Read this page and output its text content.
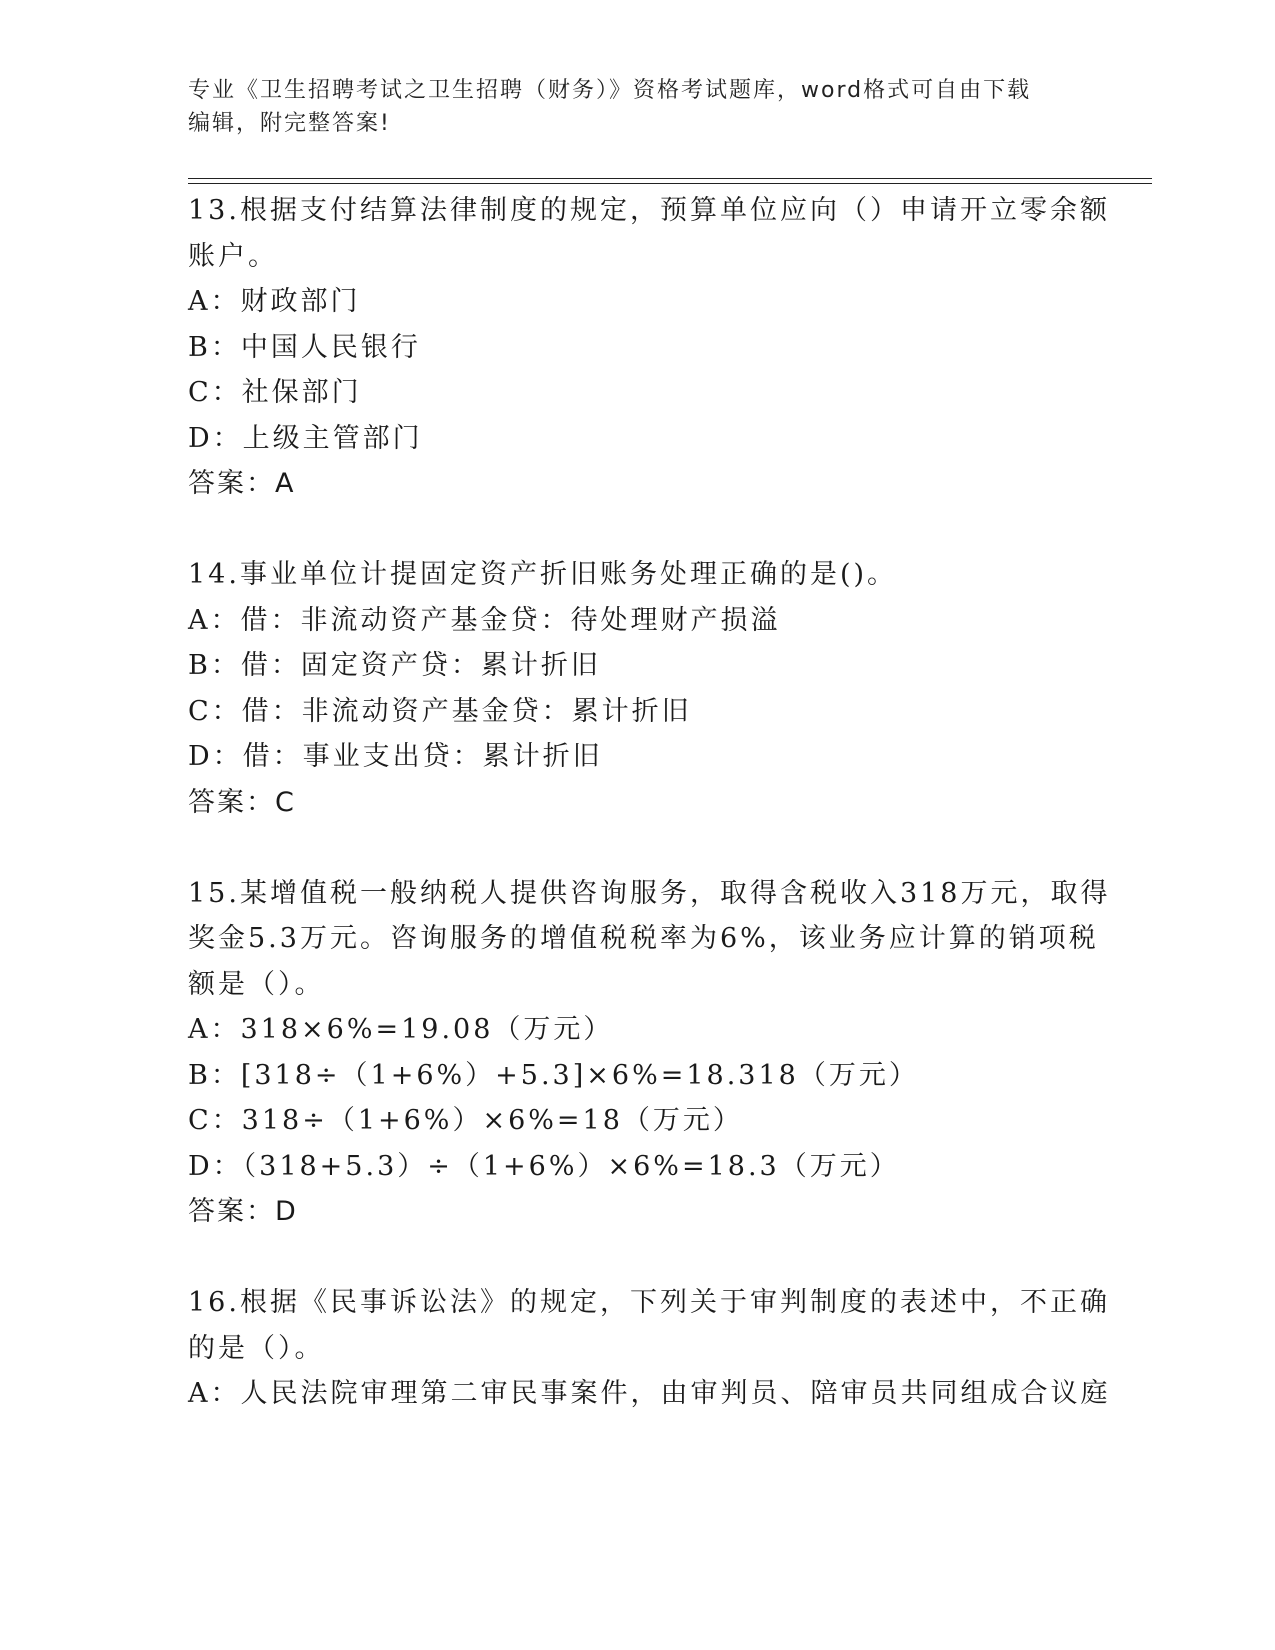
专业《卫生招聘考试之卫生招聘（财务）》资格考试题库，word格式可自由下载
编辑，附完整答案!
13.根据支付结算法律制度的规定，预算单位应向（）申请开立零余额
账户。
A：财政部门
B：中国人民银行
C：社保部门
D：上级主管部门
答案：A
14.事业单位计提固定资产折旧账务处理正确的是()。
A：借：非流动资产基金贷：待处理财产损溢
B：借：固定资产贷：累计折旧
C：借：非流动资产基金贷：累计折旧
D：借：事业支出贷：累计折旧
答案：C
15.某增值税一般纳税人提供咨询服务，取得含税收入318万元，取得
奖金5.3万元。咨询服务的增值税税率为6%，该业务应计算的销项税
额是（）。
A：318×6%=19.08（万元）
B：[318÷（1+6%）+5.3]×6%=18.318（万元）
C：318÷（1+6%）×6%=18（万元）
D：（318+5.3）÷（1+6%）×6%=18.3（万元）
答案：D
16.根据《民事诉讼法》的规定，下列关于审判制度的表述中，不正确
的是（）。
A：人民法院审理第二审民事案件，由审判员、陪审员共同组成合议庭
